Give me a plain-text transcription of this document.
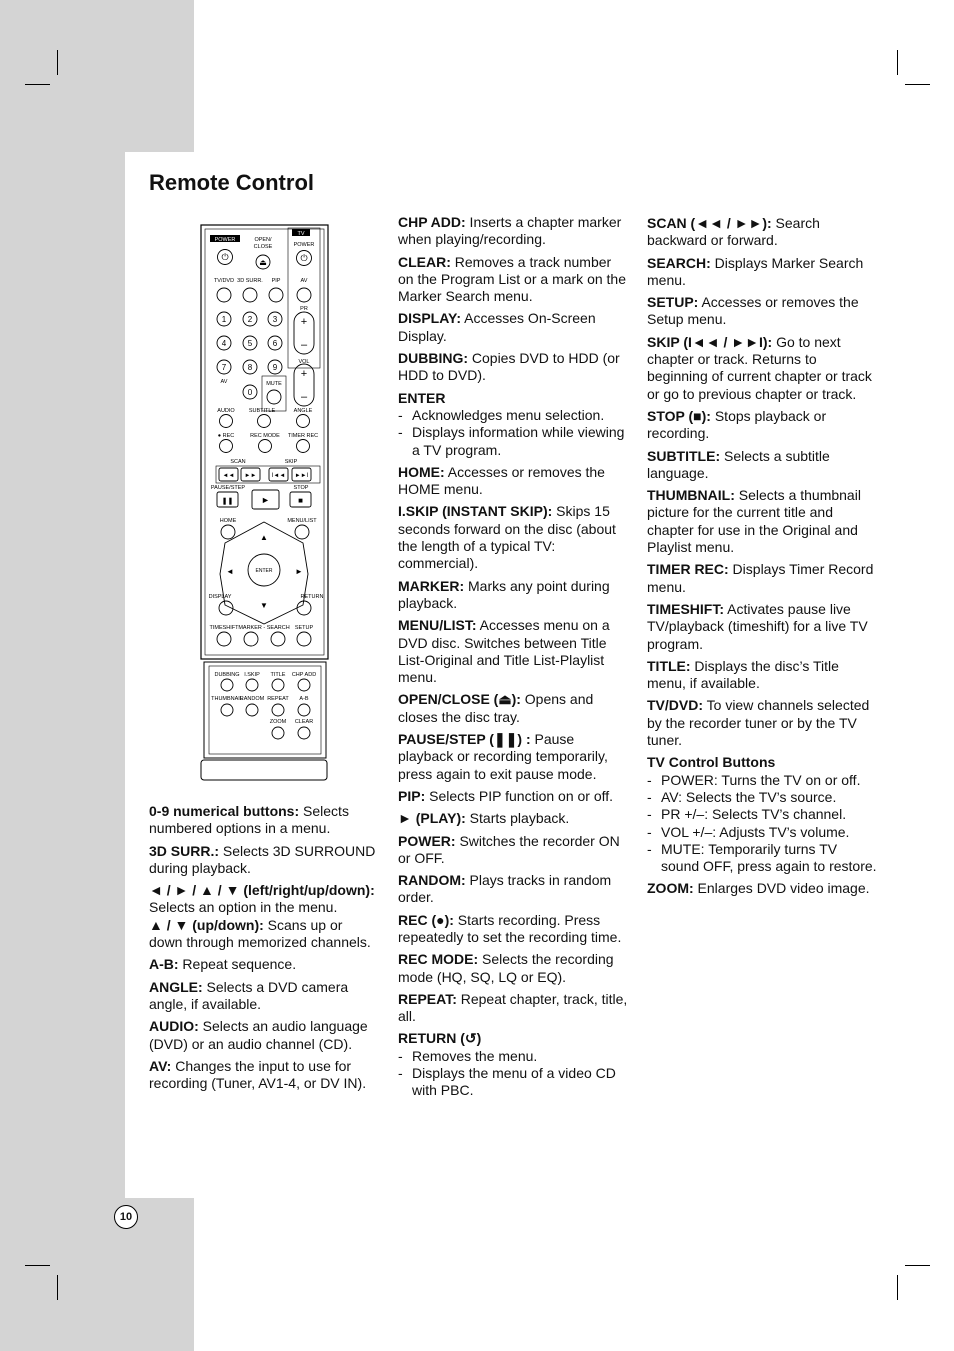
Remote Control
POWER
⏻
OPEN/
CLOSE
⏏
TV
POWER
⏻
TV/DVD 3D SURR. PIP	AV
PR
+
–
VOL
+
–
1	2	3
4	5	6
7	8	9
0
AV	MUTE
AUDIO	SUBTITLE	ANGLE
● REC	REC MODE TIMER REC
SCAN	SKIP
◄◄ ►►	I◄◄ ►►I
PAUSE/STEP	STOP
❚❚	►	■
HOME	MENU/LIST
ENTER
▲
▼
◄	►
DISPLAY	RETURN
TIMESHIFT MARKER - SEARCH SETUP
DUBBING I.SKIP TITLE CHP ADD
THUMBNAIL
RANDOM REPEAT A-B
ZOOM CLEAR

0-9 numerical buttons: Selects numbered options in a menu.

3D SURR.: Selects 3D SURROUND during playback.

◄ / ► / ▲ / ▼ (left/right/up/down): Selects an option in the menu.
▲ / ▼ (up/down): Scans up or down through memorized channels.

A-B: Repeat sequence.

ANGLE: Selects a DVD camera angle, if available.

AUDIO: Selects an audio language (DVD) or an audio channel (CD).

AV: Changes the input to use for recording (Tuner, AV1-4, or DV IN).

CHP ADD: Inserts a chapter marker when playing/recording.

CLEAR: Removes a track number on the Program List or a mark on the Marker Search menu.

DISPLAY: Accesses On-Screen Display.

DUBBING: Copies DVD to HDD (or HDD to DVD).

ENTER
- Acknowledges menu selection.
- Displays information while viewing a TV program.

HOME: Accesses or removes the HOME menu.

I.SKIP (INSTANT SKIP): Skips 15 seconds forward on the disc (about the length of a typical TV: commercial).

MARKER: Marks any point during playback.

MENU/LIST: Accesses menu on a DVD disc. Switches between Title List-Original and Title List-Playlist menu.

OPEN/CLOSE (⏏): Opens and closes the disc tray.

PAUSE/STEP (❚❚) : Pause playback or recording temporarily, press again to exit pause mode.

PIP: Selects PIP function on or off.

► (PLAY): Starts playback.

POWER: Switches the recorder ON or OFF.

RANDOM: Plays tracks in random order.

REC (●): Starts recording. Press repeatedly to set the recording time.

REC MODE: Selects the recording mode (HQ, SQ, LQ or EQ).

REPEAT: Repeat chapter, track, title, all.

RETURN (↺)
- Removes the menu.
- Displays the menu of a video CD with PBC.

SCAN (◄◄ / ►►): Search backward or forward.

SEARCH: Displays Marker Search menu.

SETUP: Accesses or removes the Setup menu.

SKIP (I◄◄ / ►►I): Go to next chapter or track. Returns to beginning of current chapter or track or go to previous chapter or track.

STOP (■): Stops playback or recording.

SUBTITLE: Selects a subtitle language.

THUMBNAIL: Selects a thumbnail picture for the current title and chapter for use in the Original and Playlist menu.

TIMER REC: Displays Timer Record menu.

TIMESHIFT: Activates pause live TV/playback (timeshift) for a live TV program.

TITLE: Displays the disc’s Title menu, if available.

TV/DVD: To view channels selected by the recorder tuner or by the TV tuner.

TV Control Buttons
- POWER: Turns the TV on or off.
- AV: Selects the TV’s source.
- PR +/–: Selects TV’s channel.
- VOL +/–: Adjusts TV’s volume.
- MUTE: Temporarily turns TV sound OFF, press again to restore.

ZOOM: Enlarges DVD video image.

10
